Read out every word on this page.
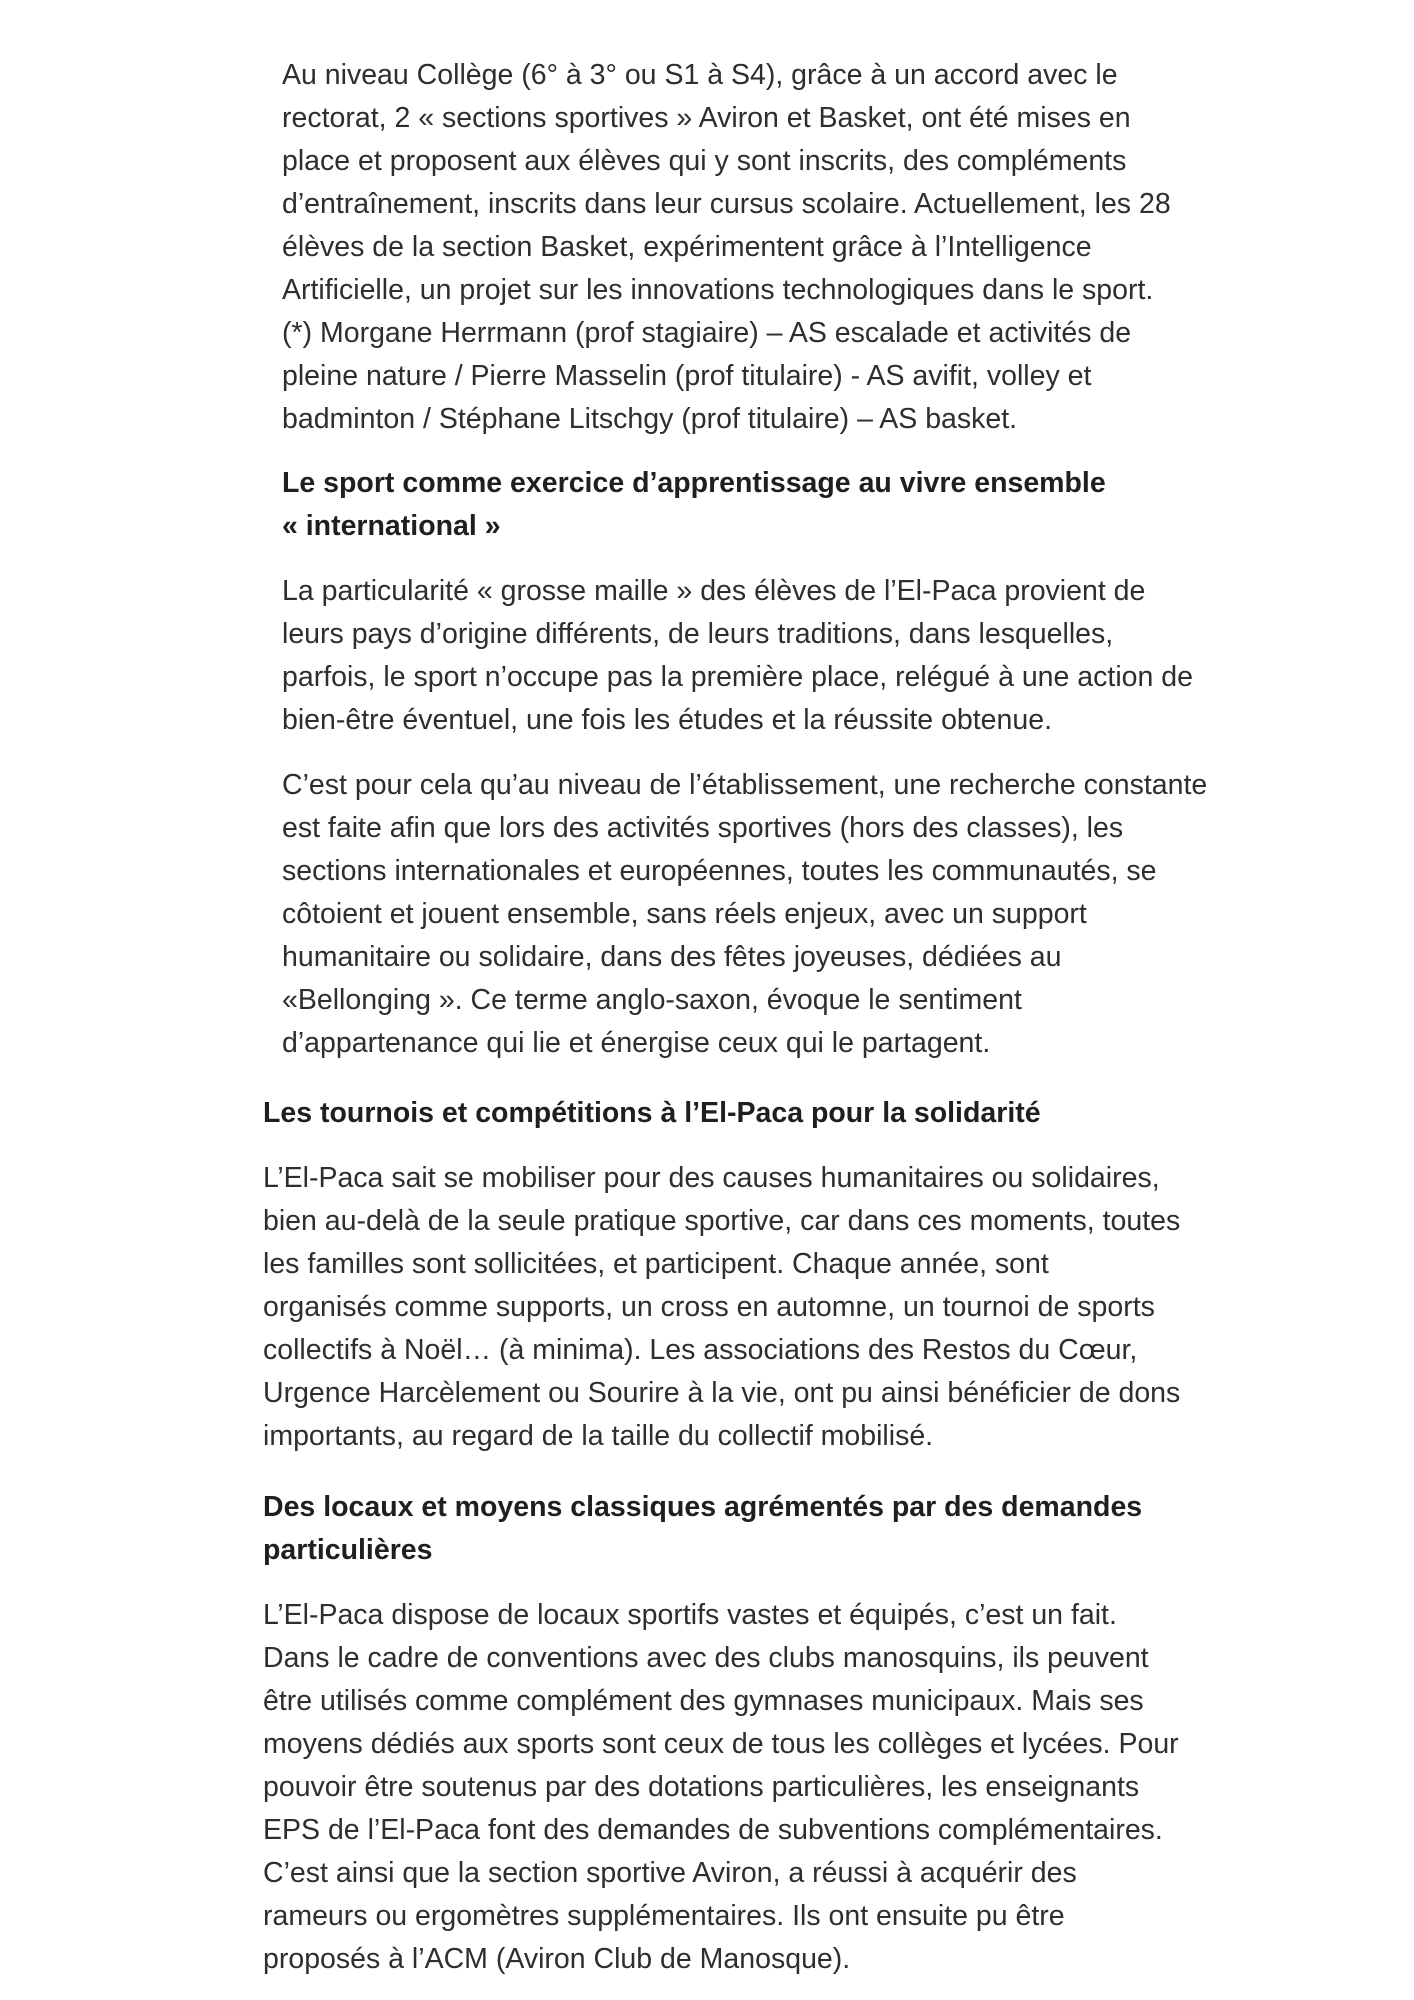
Au niveau Collège (6° à 3° ou S1 à S4), grâce à un accord avec le
rectorat, 2 « sections sportives » Aviron et Basket, ont été mises en
place et proposent aux élèves qui y sont inscrits, des compléments
d’entraînement, inscrits dans leur cursus scolaire. Actuellement, les 28
élèves de la section Basket, expérimentent grâce à l’Intelligence
Artificielle, un projet sur les innovations technologiques dans le sport.
(*) Morgane Herrmann (prof stagiaire) – AS escalade et activités de
pleine nature / Pierre Masselin (prof titulaire) - AS avifit, volley et
badminton / Stéphane Litschgy (prof titulaire) – AS basket.

Le sport comme exercice d’apprentissage au vivre ensemble
« international »

La particularité « grosse maille » des élèves de l’El-Paca provient de
leurs pays d’origine différents, de leurs traditions, dans lesquelles,
parfois, le sport n’occupe pas la première place, relégué à une action de
bien-être éventuel, une fois les études et la réussite obtenue.

C’est pour cela qu’au niveau de l’établissement, une recherche constante
est faite afin que lors des activités sportives (hors des classes), les
sections internationales et européennes, toutes les communautés, se
côtoient et jouent ensemble, sans réels enjeux, avec un support
humanitaire ou solidaire, dans des fêtes joyeuses, dédiées au
«Bellonging ». Ce terme anglo-saxon, évoque le sentiment
d’appartenance qui lie et énergise ceux qui le partagent.

Les tournois et compétitions à l’El-Paca pour la solidarité

L’El-Paca sait se mobiliser pour des causes humanitaires ou solidaires,
bien au-delà de la seule pratique sportive, car dans ces moments, toutes
les familles sont sollicitées, et participent. Chaque année, sont
organisés comme supports, un cross en automne, un tournoi de sports
collectifs à Noël… (à minima). Les associations des Restos du Cœur,
Urgence Harcèlement ou Sourire à la vie, ont pu ainsi bénéficier de dons
importants, au regard de la taille du collectif mobilisé.

Des locaux et moyens classiques agrémentés par des demandes
particulières

L’El-Paca dispose de locaux sportifs vastes et équipés, c’est un fait.
Dans le cadre de conventions avec des clubs manosquins, ils peuvent
être utilisés comme complément des gymnases municipaux. Mais ses
moyens dédiés aux sports sont ceux de tous les collèges et lycées. Pour
pouvoir être soutenus par des dotations particulières, les enseignants
EPS de l’El-Paca font des demandes de subventions complémentaires.
C’est ainsi que la section sportive Aviron, a réussi à acquérir des
rameurs ou ergomètres supplémentaires. Ils ont ensuite pu être
proposés à l’ACM (Aviron Club de Manosque).
